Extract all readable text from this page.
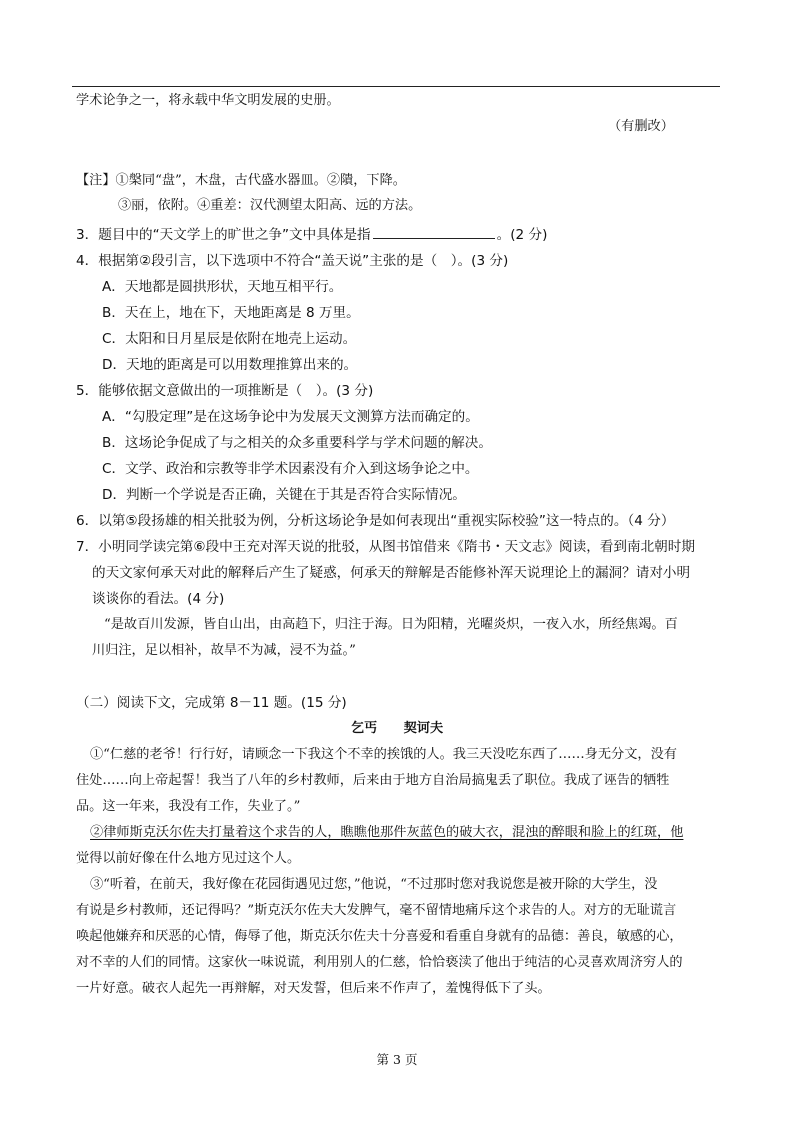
学术论争之一，将永载中华文明发展的史册。
（有删改）
【注】①槃同“盘”，木盘，古代盛水器皿。②隤，下降。
③丽，依附。④重差：汉代测望太阳高、远的方法。
3．题目中的“天文学上的旷世之争”文中具体是指	。(2 分)
4．根据第②段引言，以下选项中不符合“盖天说”主张的是（　）。(3 分)
A．天地都是圆拱形状，天地互相平行。
B．天在上，地在下，天地距离是 8 万里。
C．太阳和日月星辰是依附在地壳上运动。
D．天地的距离是可以用数理推算出来的。
5．能够依据文意做出的一项推断是（　）。(3 分)
A．“勾股定理”是在这场争论中为发展天文测算方法而确定的。
B．这场论争促成了与之相关的众多重要科学与学术问题的解决。
C．文学、政治和宗教等非学术因素没有介入到这场争论之中。
D．判断一个学说是否正确，关键在于其是否符合实际情况。
6．以第⑤段扬雄的相关批驳为例，分析这场论争是如何表现出“重视实际校验”这一特点的。（4 分）
7．小明同学读完第⑥段中王充对浑天说的批驳，从图书馆借来《隋书・天文志》阅读，看到南北朝时期
的天文家何承天对此的解释后产生了疑惑，何承天的辩解是否能修补浑天说理论上的漏洞？请对小明
谈谈你的看法。(4 分)
“是故百川发源，皆自山出，由高趋下，归注于海。日为阳精，光曜炎炽，一夜入水，所经焦竭。百
川归注，足以相补，故旱不为减，浸不为益。”
（二）阅读下文，完成第 8－11 题。(15 分)
乞丐　　契诃夫
①“仁慈的老爷！行行好，请顾念一下我这个不幸的挨饿的人。我三天没吃东西了……身无分文，没有
住处……向上帝起誓！我当了八年的乡村教师，后来由于地方自治局搞鬼丢了职位。我成了诬告的牺牲
品。这一年来，我没有工作，失业了。”
②律师斯克沃尔佐夫打量着这个求告的人，瞧瞧他那件灰蓝色的破大衣，混浊的醉眼和脸上的红斑，他
觉得以前好像在什么地方见过这个人。
③“听着，在前天，我好像在花园街遇见过您，”他说，“不过那时您对我说您是被开除的大学生，没
有说是乡村教师，还记得吗？”斯克沃尔佐夫大发脾气，毫不留情地痛斥这个求告的人。对方的无耻谎言
唤起他嫌弃和厌恶的心情，侮辱了他，斯克沃尔佐夫十分喜爱和看重自身就有的品德：善良，敏感的心，
对不幸的人们的同情。这家伙一味说谎，利用别人的仁慈，恰恰亵渎了他出于纯洁的心灵喜欢周济穷人的
一片好意。破衣人起先一再辩解，对天发誓，但后来不作声了，羞愧得低下了头。
第 3 页
